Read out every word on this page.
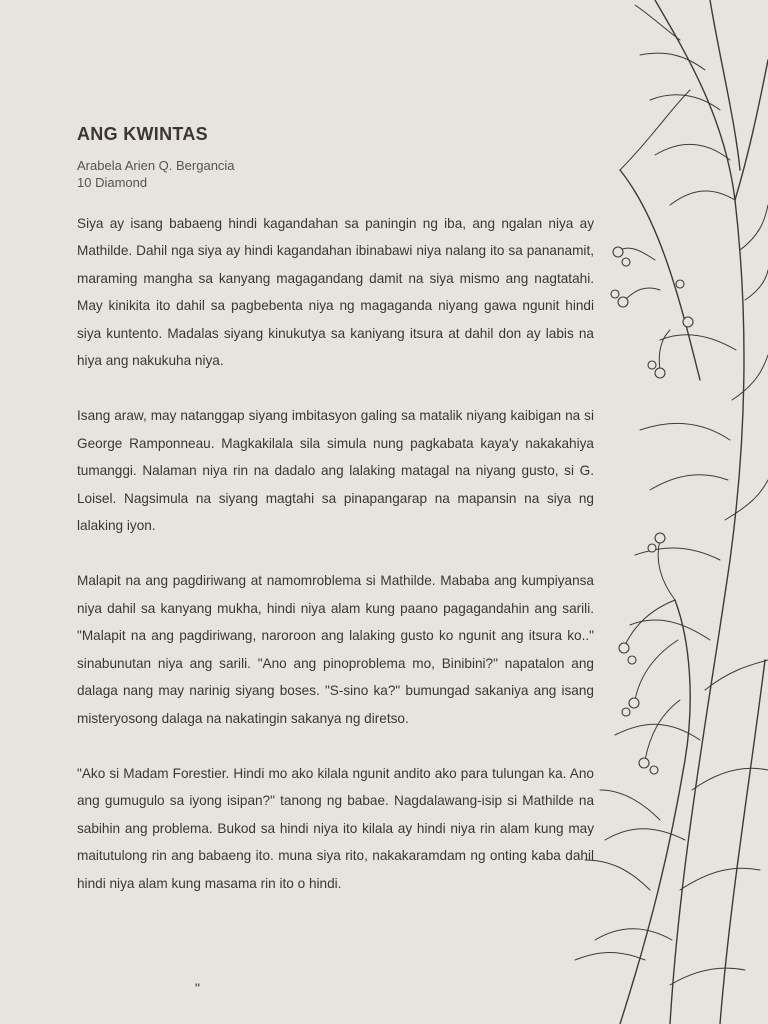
ANG KWINTAS
Arabela Arien Q. Bergancia
10 Diamond

Siya ay isang babaeng hindi kagandahan sa paningin ng iba, ang ngalan niya ay Mathilde. Dahil nga siya ay hindi kagandahan ibinabawi niya nalang ito sa pananamit, maraming mangha sa kanyang magagandang damit na siya mismo ang nagtatahi. May kinikita ito dahil sa pagbebenta niya ng magaganda niyang gawa ngunit hindi siya kuntento. Madalas siyang kinukutya sa kaniyang itsura at dahil don ay labis na hiya ang nakukuha niya.

Isang araw, may natanggap siyang imbitasyon galing sa matalik niyang kaibigan na si George Ramponneau. Magkakilala sila simula nung pagkabata kaya'y nakakahiya tumanggi. Nalaman niya rin na dadalo ang lalaking matagal na niyang gusto, si G. Loisel. Nagsimula na siyang magtahi sa pinapangarap na mapansin na siya ng lalaking iyon.

Malapit na ang pagdiriwang at namomroblema si Mathilde. Mababa ang kumpiyansa niya dahil sa kanyang mukha, hindi niya alam kung paano pagagandahin ang sarili. "Malapit na ang pagdiriwang, naroroon ang lalaking gusto ko ngunit ang itsura ko.." sinabunutan niya ang sarili. "Ano ang pinoproblema mo, Binibini?" napatalon ang dalaga nang may narinig siyang boses. "S-sino ka?" bumungad sakaniya ang isang misteryosong dalaga na nakatingin sakanya ng diretso.

"Ako si Madam Forestier. Hindi mo ako kilala ngunit andito ako para tulungan ka. Ano ang gumugulo sa iyong isipan?" tanong ng babae. Nagdalawang-isip si Mathilde na sabihin ang problema. Bukod sa hindi niya ito kilala ay hindi niya rin alam kung may maitutulong rin ang babaeng ito. muna siya rito, nakakaramdam ng onting kaba dahil hindi niya alam kung masama rin ito o hindi.

"
